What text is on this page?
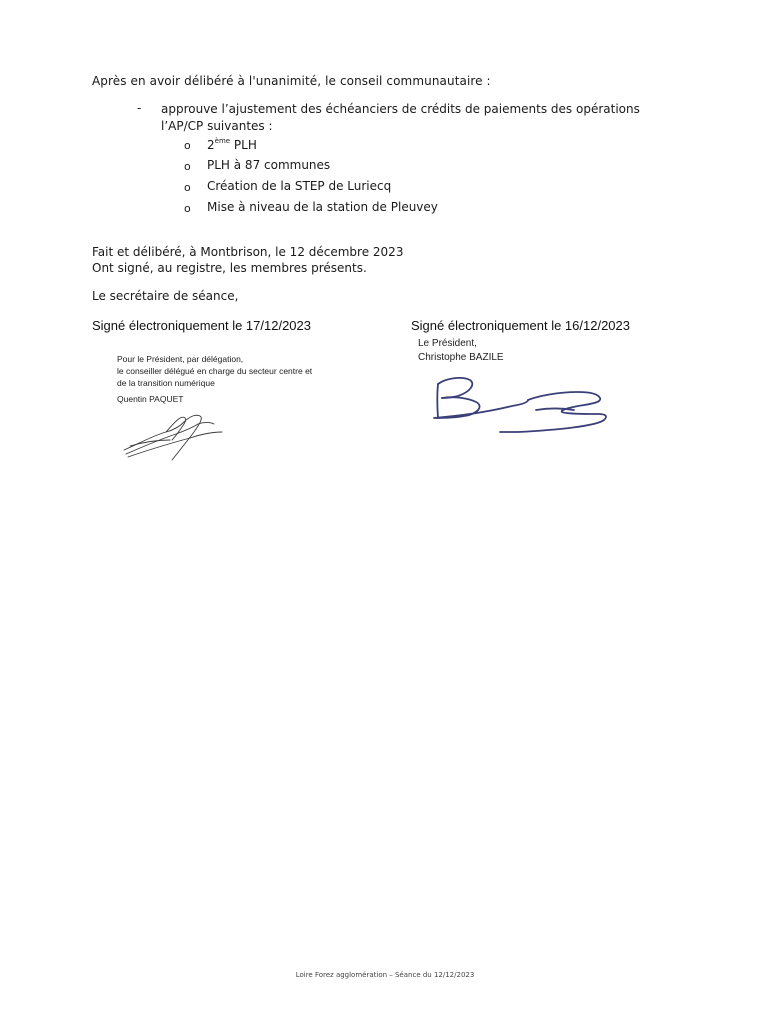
Après en avoir délibéré à l'unanimité, le conseil communautaire :
- approuve l’ajustement des échéanciers de crédits de paiements des opérations
l’AP/CP suivantes :
o 2ème PLH
o PLH à 87 communes
o Création de la STEP de Luriecq
o Mise à niveau de la station de Pleuvey
Fait et délibéré, à Montbrison, le 12 décembre 2023
Ont signé, au registre, les membres présents.
Le secrétaire de séance,
Signé électroniquement le 17/12/2023
Pour le Président, par délégation,
le conseiller délégué en charge du secteur centre et
de la transition numérique
Quentin PAQUET
Signé électroniquement le 16/12/2023
Le Président,
Christophe BAZILE
Loire Forez agglomération – Séance du 12/12/2023
